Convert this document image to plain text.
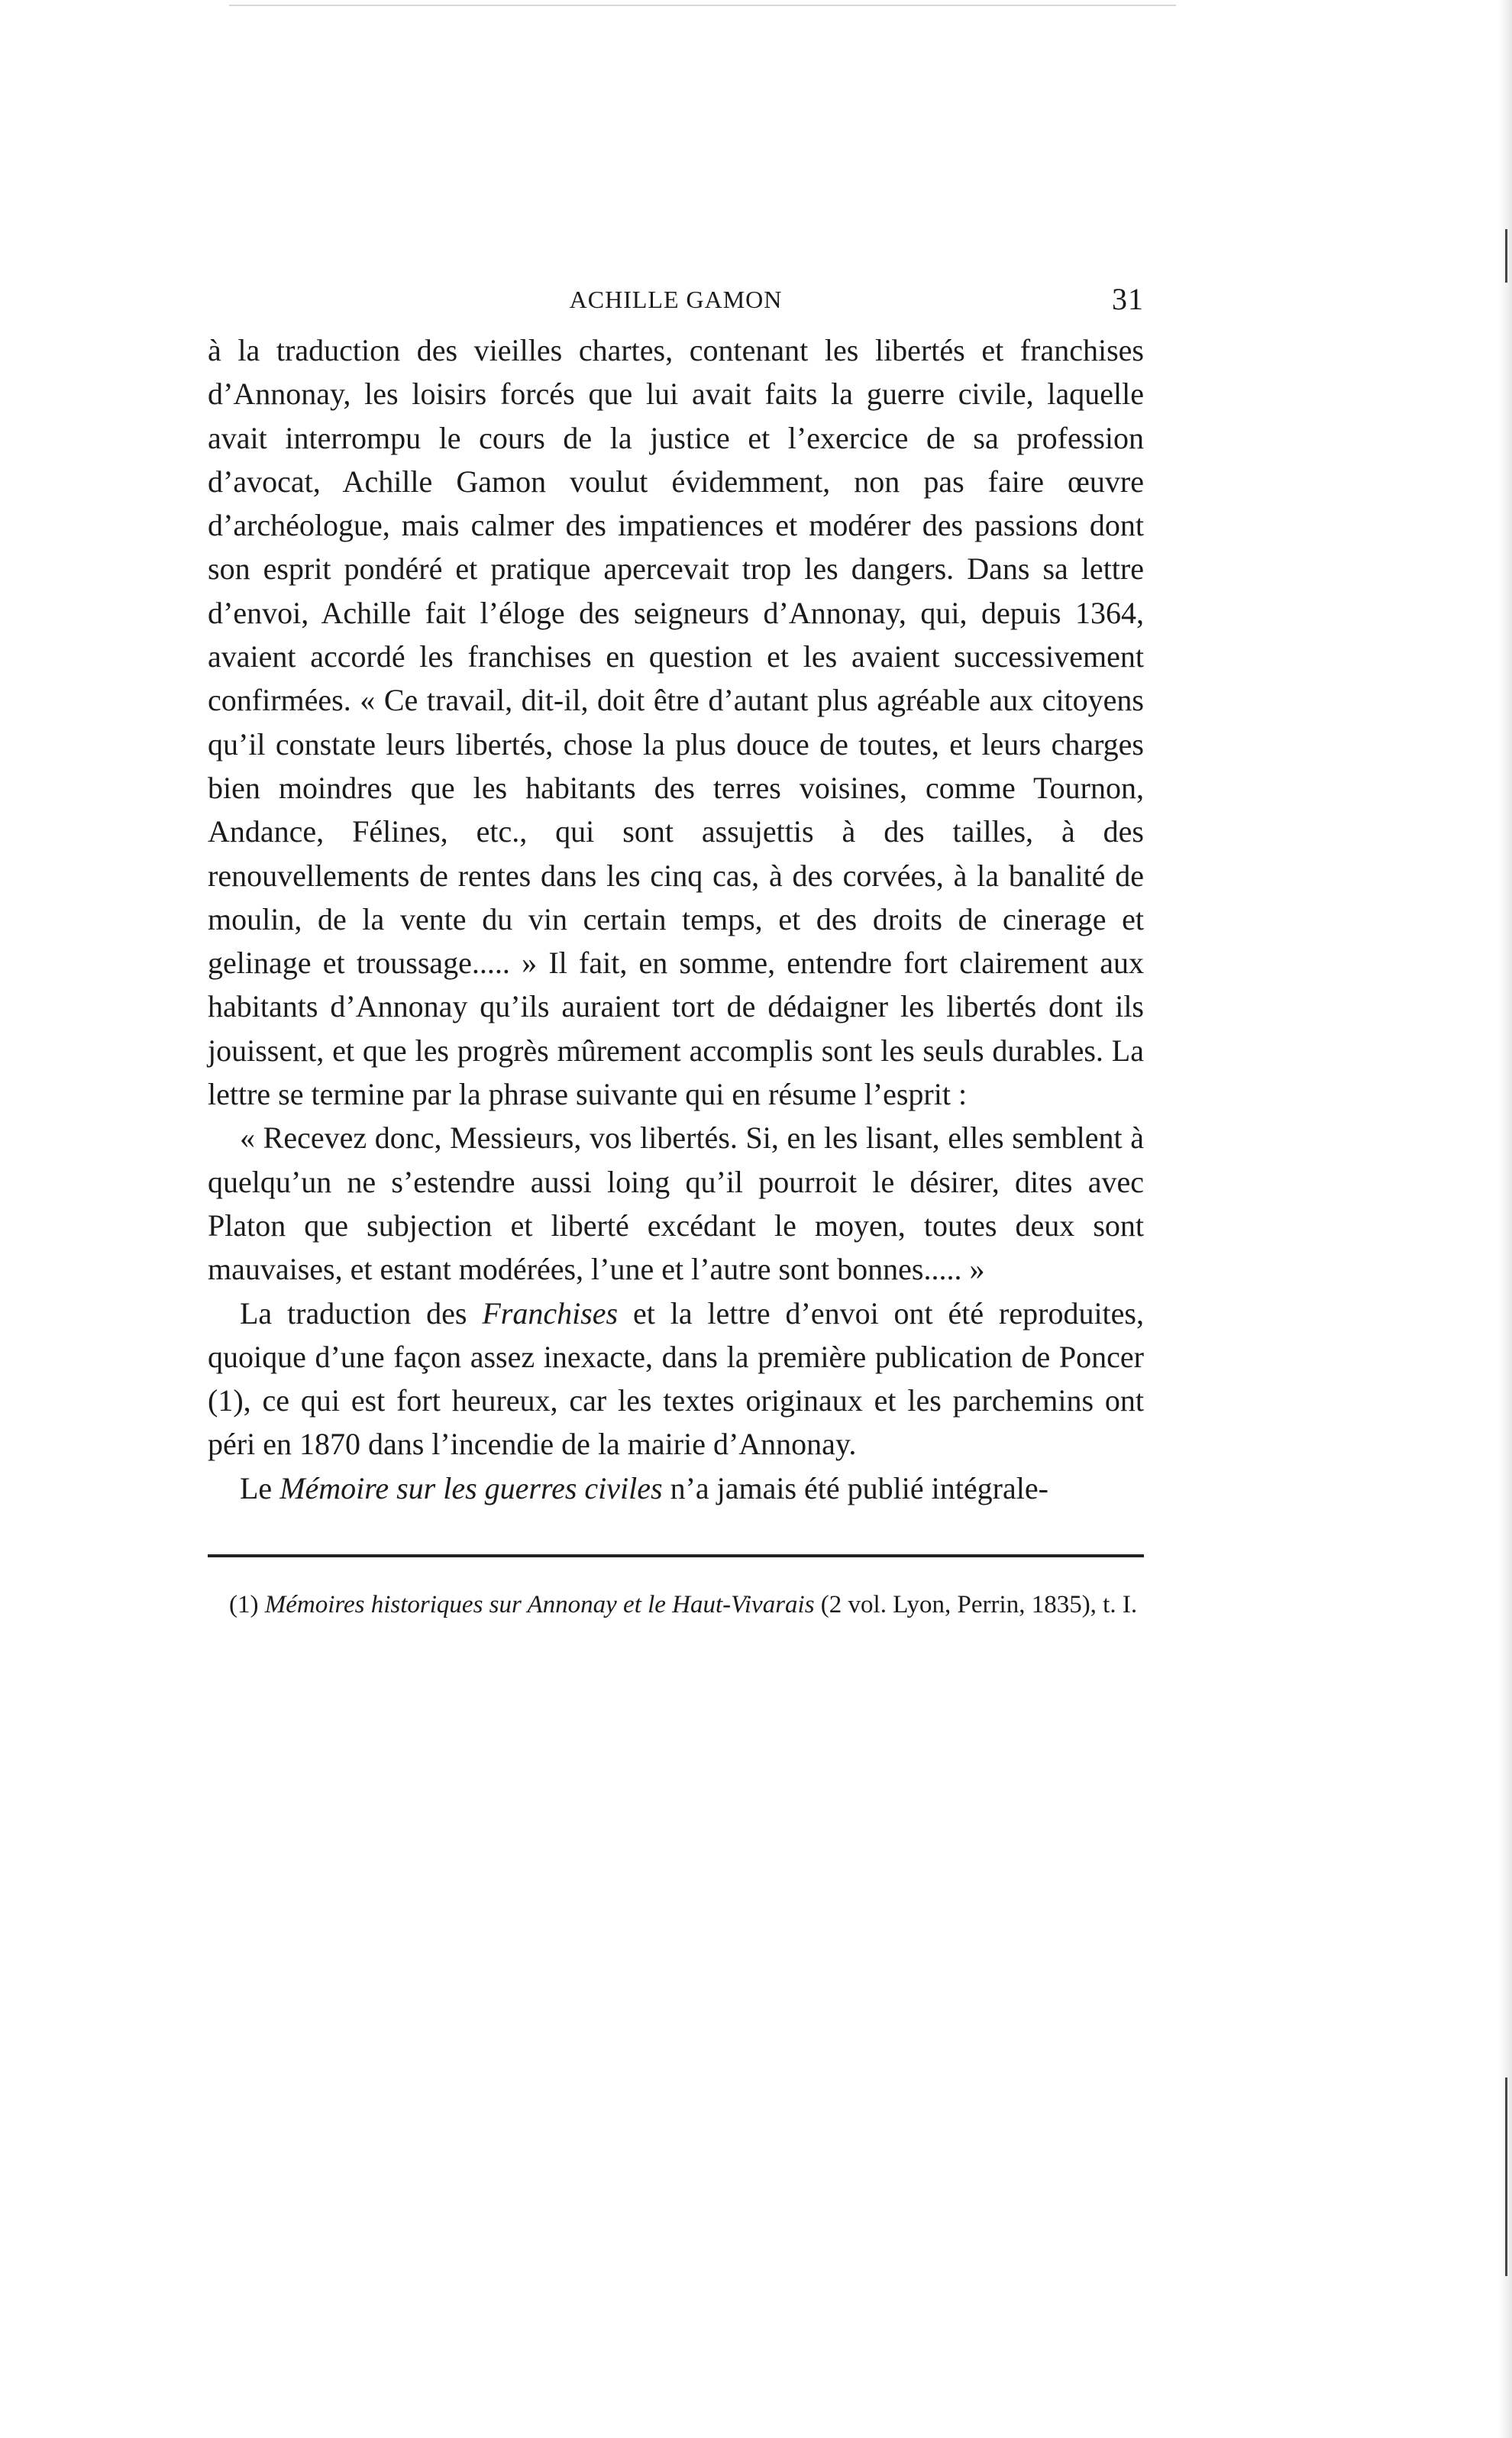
ACHILLE GAMON	31

à la traduction des vieilles chartes, contenant les libertés et franchises d’Annonay, les loisirs forcés que lui avait faits la guerre civile, laquelle avait interrompu le cours de la justice et l’exercice de sa profession d’avocat, Achille Gamon voulut évidemment, non pas faire œuvre d’archéologue, mais calmer des impatiences et modérer des passions dont son esprit pondéré et pratique apercevait trop les dangers. Dans sa lettre d’envoi, Achille fait l’éloge des seigneurs d’Annonay, qui, depuis 1364, avaient accordé les franchises en question et les avaient successivement confirmées. « Ce travail, dit-il, doit être d’autant plus agréable aux citoyens qu’il constate leurs libertés, chose la plus douce de toutes, et leurs charges bien moindres que les habitants des terres voisines, comme Tournon, Andance, Félines, etc., qui sont assujettis à des tailles, à des renouvellements de rentes dans les cinq cas, à des corvées, à la banalité de moulin, de la vente du vin certain temps, et des droits de cinerage et gelinage et troussage..... » Il fait, en somme, entendre fort clairement aux habitants d’Annonay qu’ils auraient tort de dédaigner les libertés dont ils jouissent, et que les progrès mûrement accomplis sont les seuls durables. La lettre se termine par la phrase suivante qui en résume l’esprit :

« Recevez donc, Messieurs, vos libertés. Si, en les lisant, elles semblent à quelqu’un ne s’estendre aussi loing qu’il pourroit le désirer, dites avec Platon que subjection et liberté excédant le moyen, toutes deux sont mauvaises, et estant modérées, l’une et l’autre sont bonnes..... »

La traduction des Franchises et la lettre d’envoi ont été reproduites, quoique d’une façon assez inexacte, dans la première publication de Poncer (1), ce qui est fort heureux, car les textes originaux et les parchemins ont péri en 1870 dans l’incendie de la mairie d’Annonay.

Le Mémoire sur les guerres civiles n’a jamais été publié intégrale-

(1) Mémoires historiques sur Annonay et le Haut-Vivarais (2 vol. Lyon, Perrin, 1835), t. I.
